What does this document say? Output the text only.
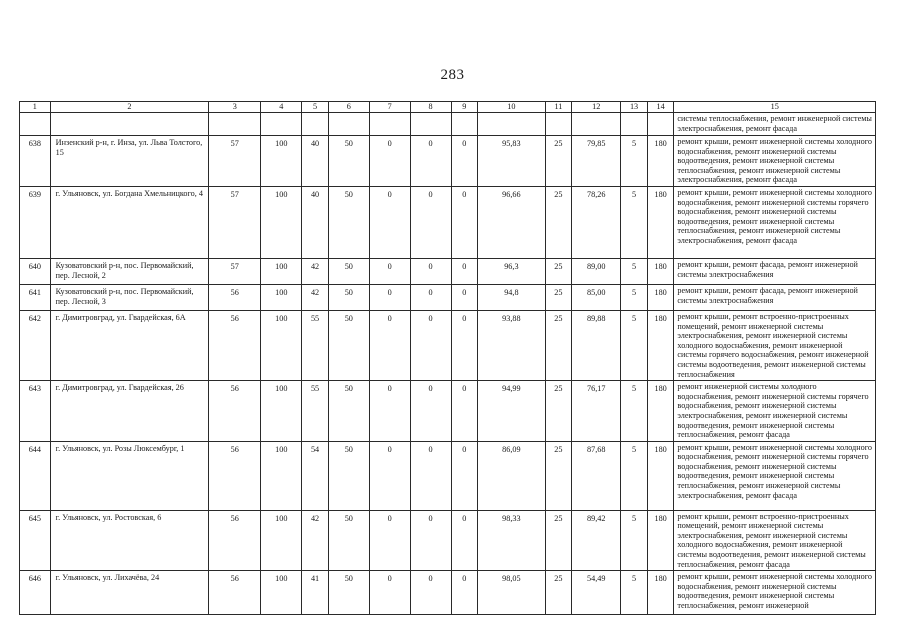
283
1	2	3	4	5	6	7	8	9	10	11	12	13	14	15
														системы теплоснабжения, ремонт инженерной системы электроснабжения, ремонт фасада
638	Инзенский р-н, г. Инза, ул. Льва Толстого, 15	57	100	40	50	0	0	0	95,83	25	79,85	5	180	ремонт крыши, ремонт инженерной системы холодного водоснабжения, ремонт инженерной системы водоотведения, ремонт инженерной системы теплоснабжения, ремонт инженерной системы электроснабжения, ремонт фасада
639	г. Ульяновск, ул. Богдана Хмельницкого, 4	57	100	40	50	0	0	0	96,66	25	78,26	5	180	ремонт крыши, ремонт инженерной системы холодного водоснабжения, ремонт инженерной системы горячего водоснабжения, ремонт инженерной системы водоотведения, ремонт инженерной системы теплоснабжения, ремонт инженерной системы электроснабжения, ремонт фасада
640	Кузоватовский р-н, пос. Первомайский, пер. Лесной, 2	57	100	42	50	0	0	0	96,3	25	89,00	5	180	ремонт крыши, ремонт фасада, ремонт инженерной системы электроснабжения
641	Кузоватовский р-н, пос. Первомайский, пер. Лесной, 3	56	100	42	50	0	0	0	94,8	25	85,00	5	180	ремонт крыши, ремонт фасада, ремонт инженерной системы электроснабжения
642	г. Димитровград, ул. Гвардейская, 6А	56	100	55	50	0	0	0	93,88	25	89,88	5	180	ремонт крыши, ремонт встроенно-пристроенных помещений, ремонт инженерной системы электроснабжения, ремонт инженерной системы холодного водоснабжения, ремонт инженерной системы горячего водоснабжения, ремонт инженерной системы водоотведения, ремонт инженерной системы теплоснабжения
643	г. Димитровград, ул. Гвардейская, 26	56	100	55	50	0	0	0	94,99	25	76,17	5	180	ремонт инженерной системы холодного водоснабжения, ремонт инженерной системы горячего водоснабжения, ремонт инженерной системы электроснабжения, ремонт инженерной системы водоотведения, ремонт инженерной системы теплоснабжения, ремонт фасада
644	г. Ульяновск, ул. Розы Люксембург, 1	56	100	54	50	0	0	0	86,09	25	87,68	5	180	ремонт крыши, ремонт инженерной системы холодного водоснабжения, ремонт инженерной системы горячего водоснабжения, ремонт инженерной системы водоотведения, ремонт инженерной системы теплоснабжения, ремонт инженерной системы электроснабжения, ремонт фасада
645	г. Ульяновск, ул. Ростовская, 6	56	100	42	50	0	0	0	98,33	25	89,42	5	180	ремонт крыши, ремонт встроенно-пристроенных помещений, ремонт инженерной системы электроснабжения, ремонт инженерной системы холодного водоснабжения, ремонт инженерной системы водоотведения, ремонт инженерной системы теплоснабжения, ремонт фасада
646	г. Ульяновск, ул. Лихачёва, 24	56	100	41	50	0	0	0	98,05	25	54,49	5	180	ремонт крыши, ремонт инженерной системы холодного водоснабжения, ремонт инженерной системы водоотведения, ремонт инженерной системы теплоснабжения, ремонт инженерной
